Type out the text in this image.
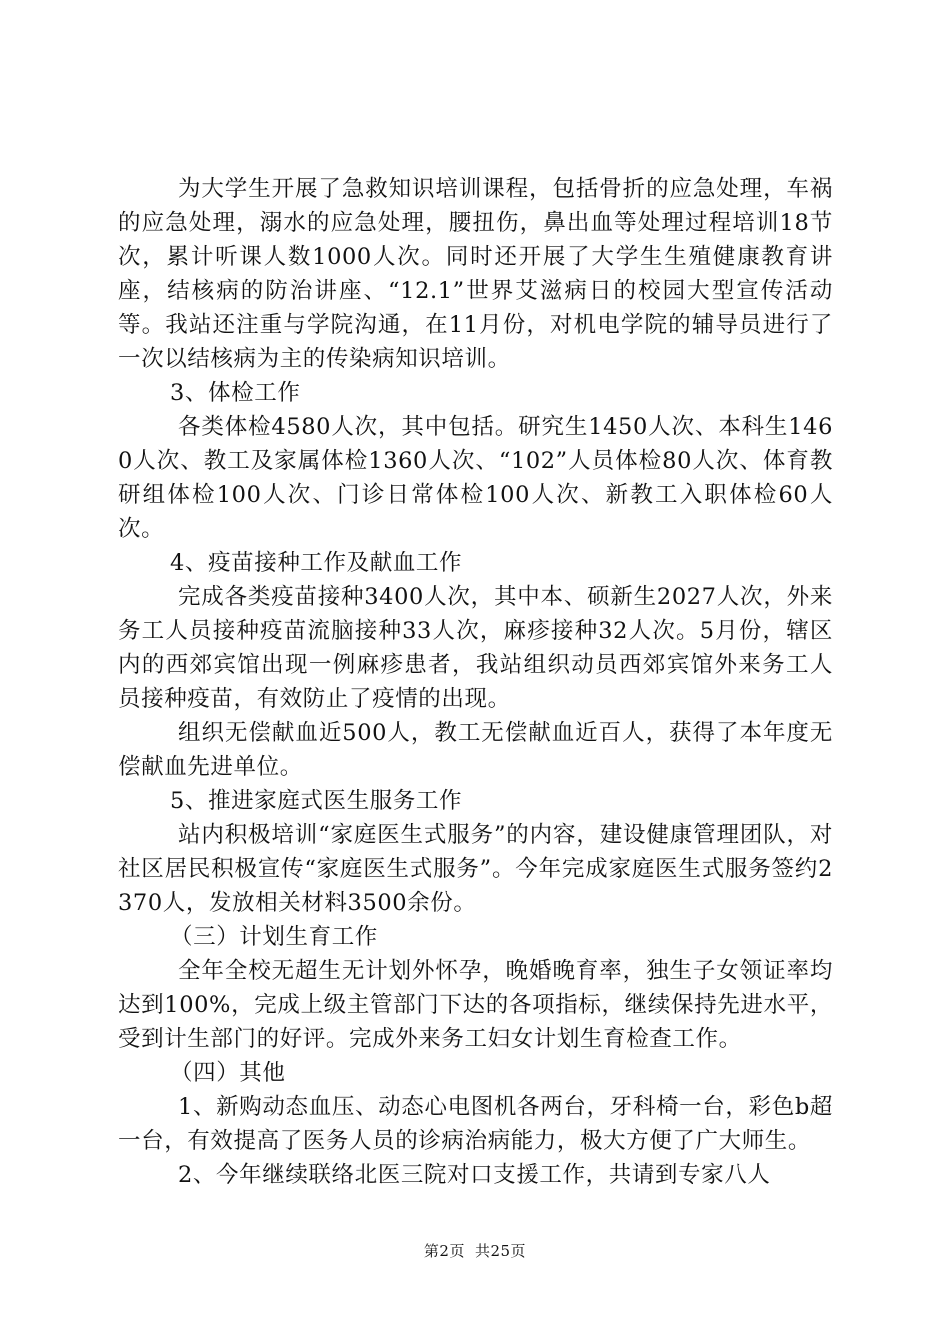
为大学生开展了急救知识培训课程，包括骨折的应急处理，车祸的应急处理，溺水的应急处理，腰扭伤，鼻出血等处理过程培训18节次，累计听课人数1000人次。同时还开展了大学生生殖健康教育讲座，结核病的防治讲座、“12.1”世界艾滋病日的校园大型宣传活动等。我站还注重与学院沟通，在11月份，对机电学院的辅导员进行了一次以结核病为主的传染病知识培训。

3、体检工作

各类体检4580人次，其中包括。研究生1450人次、本科生1460人次、教工及家属体检1360人次、“102”人员体检80人次、体育教研组体检100人次、门诊日常体检100人次、新教工入职体检60人次。

4、疫苗接种工作及献血工作

完成各类疫苗接种3400人次，其中本、硕新生2027人次，外来务工人员接种疫苗流脑接种33人次，麻疹接种32人次。5月份，辖区内的西郊宾馆出现一例麻疹患者，我站组织动员西郊宾馆外来务工人员接种疫苗，有效防止了疫情的出现。

组织无偿献血近500人，教工无偿献血近百人，获得了本年度无偿献血先进单位。

5、推进家庭式医生服务工作

站内积极培训“家庭医生式服务”的内容，建设健康管理团队，对社区居民积极宣传“家庭医生式服务”。今年完成家庭医生式服务签约2370人，发放相关材料3500余份。

（三）计划生育工作

全年全校无超生无计划外怀孕，晚婚晚育率，独生子女领证率均达到100%，完成上级主管部门下达的各项指标，继续保持先进水平，受到计生部门的好评。完成外来务工妇女计划生育检查工作。

（四）其他

1、新购动态血压、动态心电图机各两台，牙科椅一台，彩色b超一台，有效提高了医务人员的诊病治病能力，极大方便了广大师生。

2、今年继续联络北医三院对口支援工作，共请到专家八人

第2页 共25页
